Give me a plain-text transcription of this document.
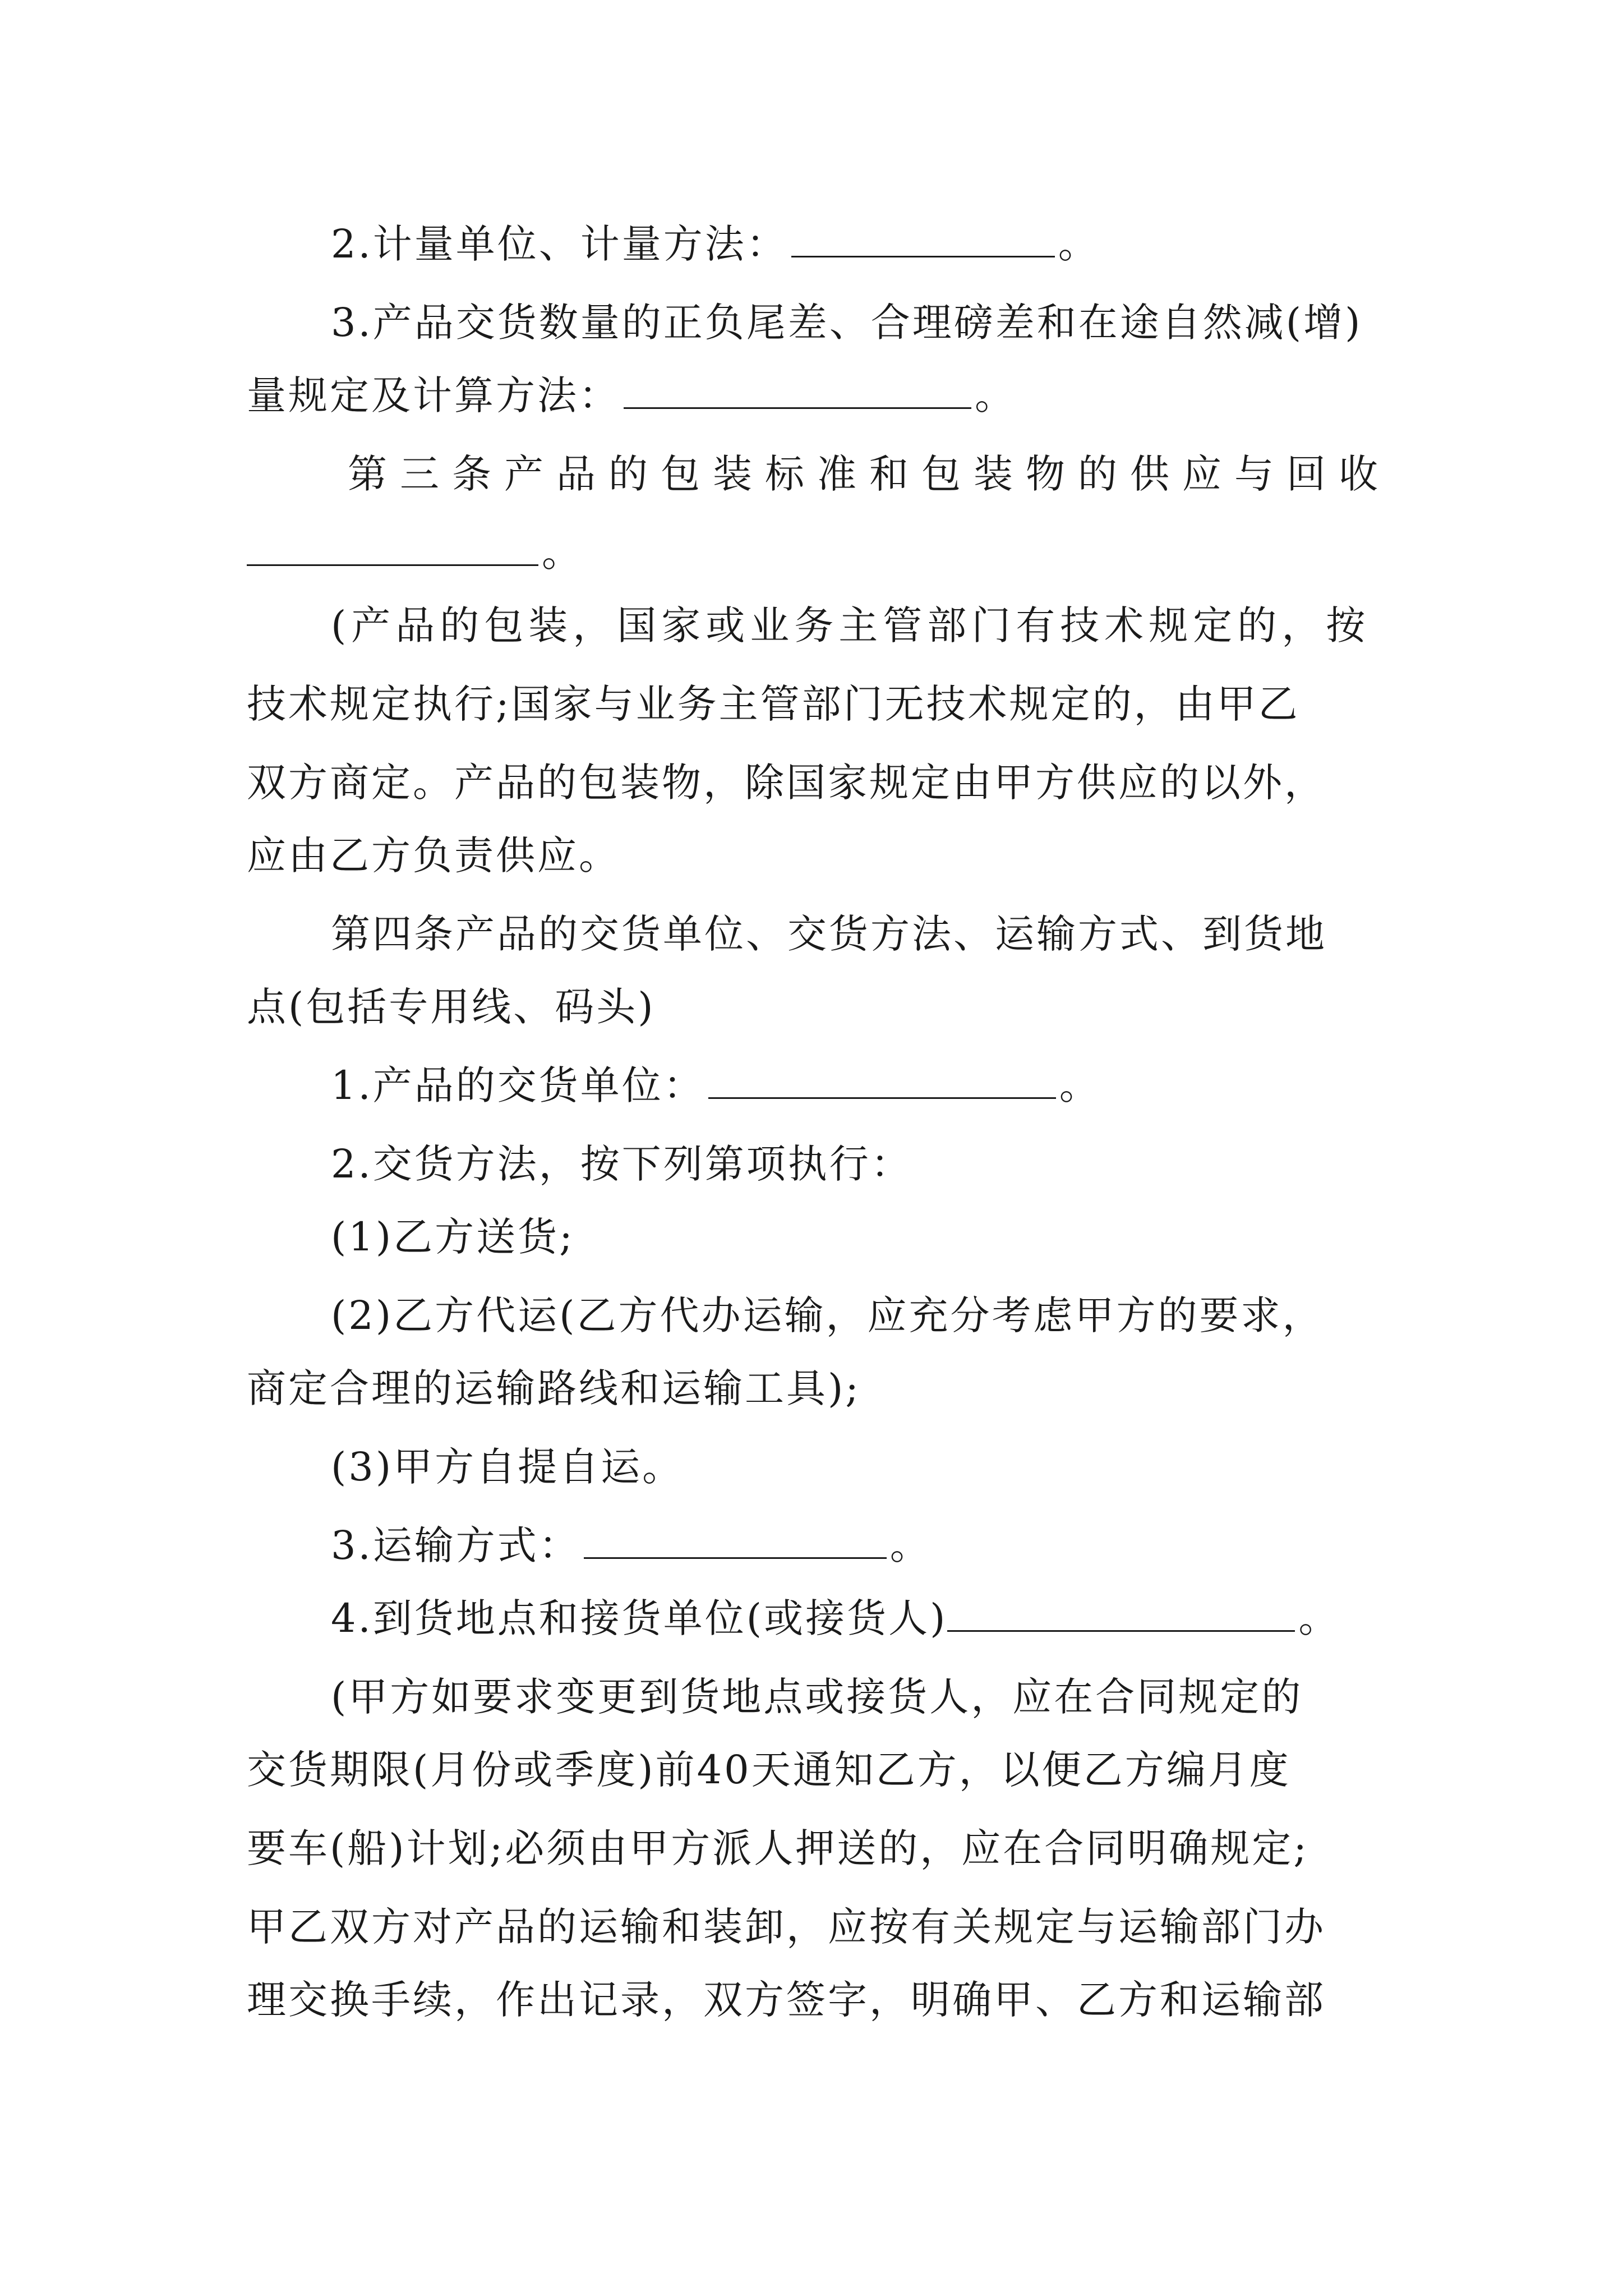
2.计量单位、计量方法：	。
3.产品交货数量的正负尾差、合理磅差和在途自然减(增)
量规定及计算方法：	。
第三条产品的包装标准和包装物的供应与回收
。
(产品的包装，国家或业务主管部门有技术规定的，按
技术规定执行;国家与业务主管部门无技术规定的，由甲乙
双方商定。产品的包装物，除国家规定由甲方供应的以外，
应由乙方负责供应。
第四条产品的交货单位、交货方法、运输方式、到货地
点(包括专用线、码头)
1.产品的交货单位：	。
2.交货方法，按下列第项执行：
(1)乙方送货;
(2)乙方代运(乙方代办运输，应充分考虑甲方的要求，
商定合理的运输路线和运输工具);
(3)甲方自提自运。
3.运输方式：	。
4.到货地点和接货单位(或接货人)	。
(甲方如要求变更到货地点或接货人，应在合同规定的
交货期限(月份或季度)前40天通知乙方，以便乙方编月度
要车(船)计划;必须由甲方派人押送的，应在合同明确规定;
甲乙双方对产品的运输和装卸，应按有关规定与运输部门办
理交换手续，作出记录，双方签字，明确甲、乙方和运输部
